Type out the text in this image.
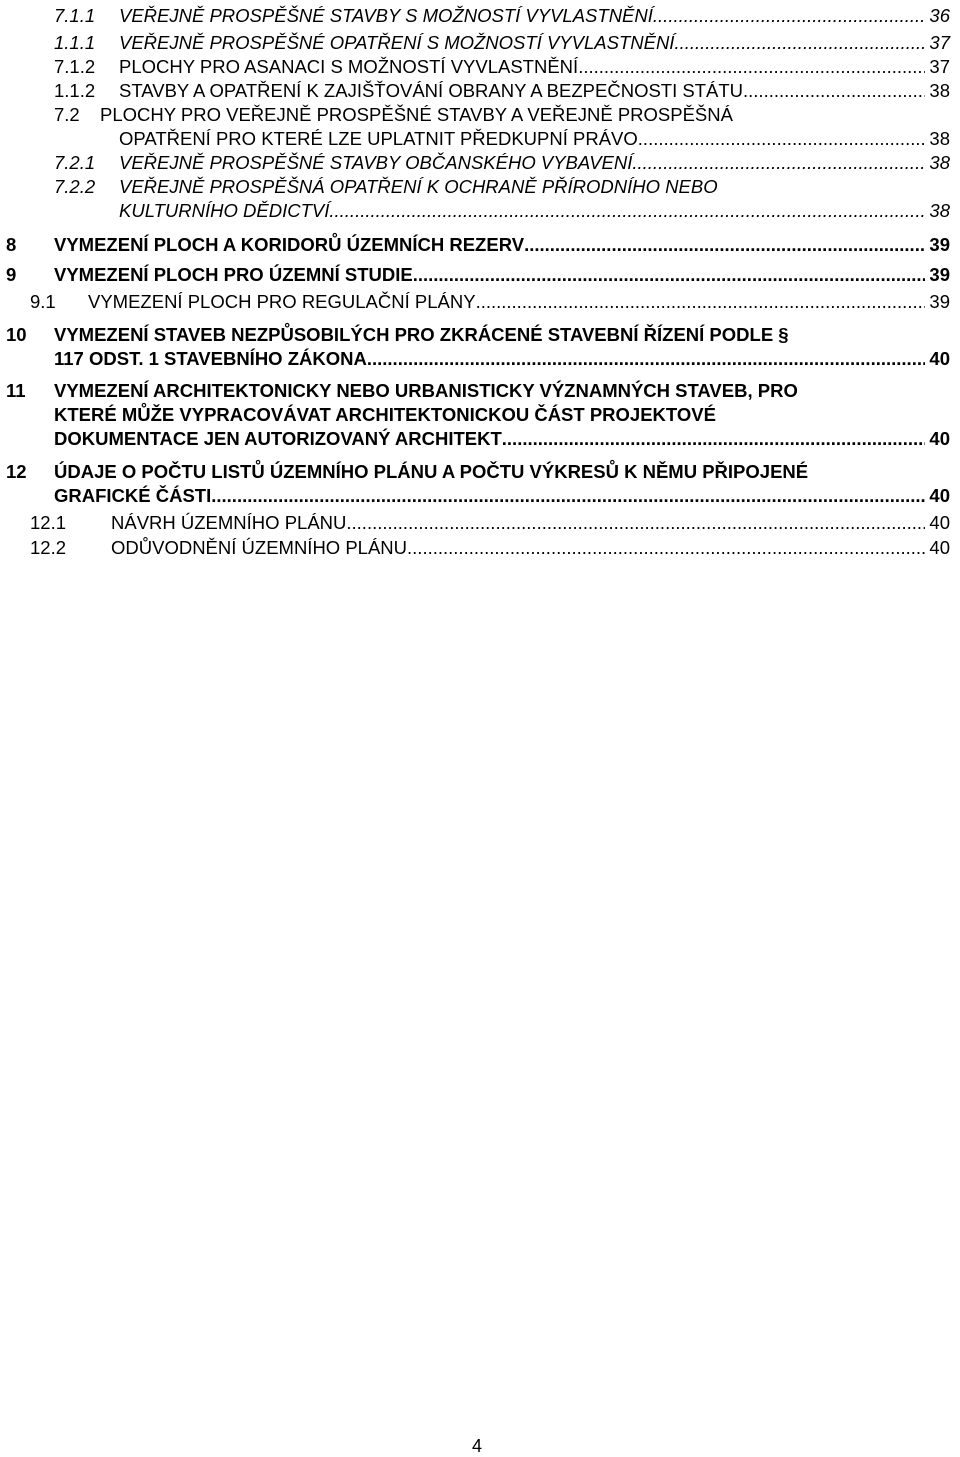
7.1.1 VEŘEJNĚ PROSPĚŠNÉ STAVBY S MOŽNOSTÍ VYVLASTNĚNÍ .....	36
1.1.1 VEŘEJNĚ PROSPĚŠNÉ OPATŘENÍ S MOŽNOSTÍ VYVLASTNĚNÍ .....	37
7.1.2 PLOCHY PRO ASANACI S MOŽNOSTÍ VYVLASTNĚNÍ .....	37
1.1.2 STAVBY A OPATŘENÍ K ZAJIŠŤOVÁNÍ OBRANY A BEZPEČNOSTI STÁTU .....	38
7.2 PLOCHY PRO VEŘEJNĚ PROSPĚŠNÉ STAVBY A VEŘEJNĚ PROSPĚŠNÁ
OPATŘENÍ PRO KTERÉ LZE UPLATNIT PŘEDKUPNÍ PRÁVO .....	38
7.2.1 VEŘEJNĚ PROSPĚŠNÉ STAVBY OBČANSKÉHO VYBAVENÍ .....	38
7.2.2 VEŘEJNĚ PROSPĚŠNÁ OPATŘENÍ K OCHRANĚ PŘÍRODNÍHO NEBO
KULTURNÍHO DĚDICTVÍ .....	38
8 VYMEZENÍ PLOCH A KORIDORŮ ÚZEMNÍCH REZERV .....	39
9 VYMEZENÍ PLOCH PRO ÚZEMNÍ STUDIE .....	39
9.1 VYMEZENÍ PLOCH PRO REGULAČNÍ PLÁNY .....	39
10 VYMEZENÍ STAVEB NEZPŮSOBILÝCH PRO ZKRÁCENÉ STAVEBNÍ ŘÍZENÍ PODLE §
117 ODST. 1 STAVEBNÍHO ZÁKONA .....	40
11 VYMEZENÍ ARCHITEKTONICKY NEBO URBANISTICKY VÝZNAMNÝCH STAVEB, PRO
KTERÉ MŮŽE VYPRACOVÁVAT ARCHITEKTONICKOU ČÁST PROJEKTOVÉ
DOKUMENTACE JEN AUTORIZOVANÝ ARCHITEKT .....	40
12 ÚDAJE O POČTU LISTŮ ÚZEMNÍHO PLÁNU A POČTU VÝKRESŮ K NĚMU PŘIPOJENÉ
GRAFICKÉ ČÁSTI .....	40
12.1 NÁVRH ÚZEMNÍHO PLÁNU .....	40
12.2 ODŮVODNĚNÍ ÚZEMNÍHO PLÁNU .....	40
4
